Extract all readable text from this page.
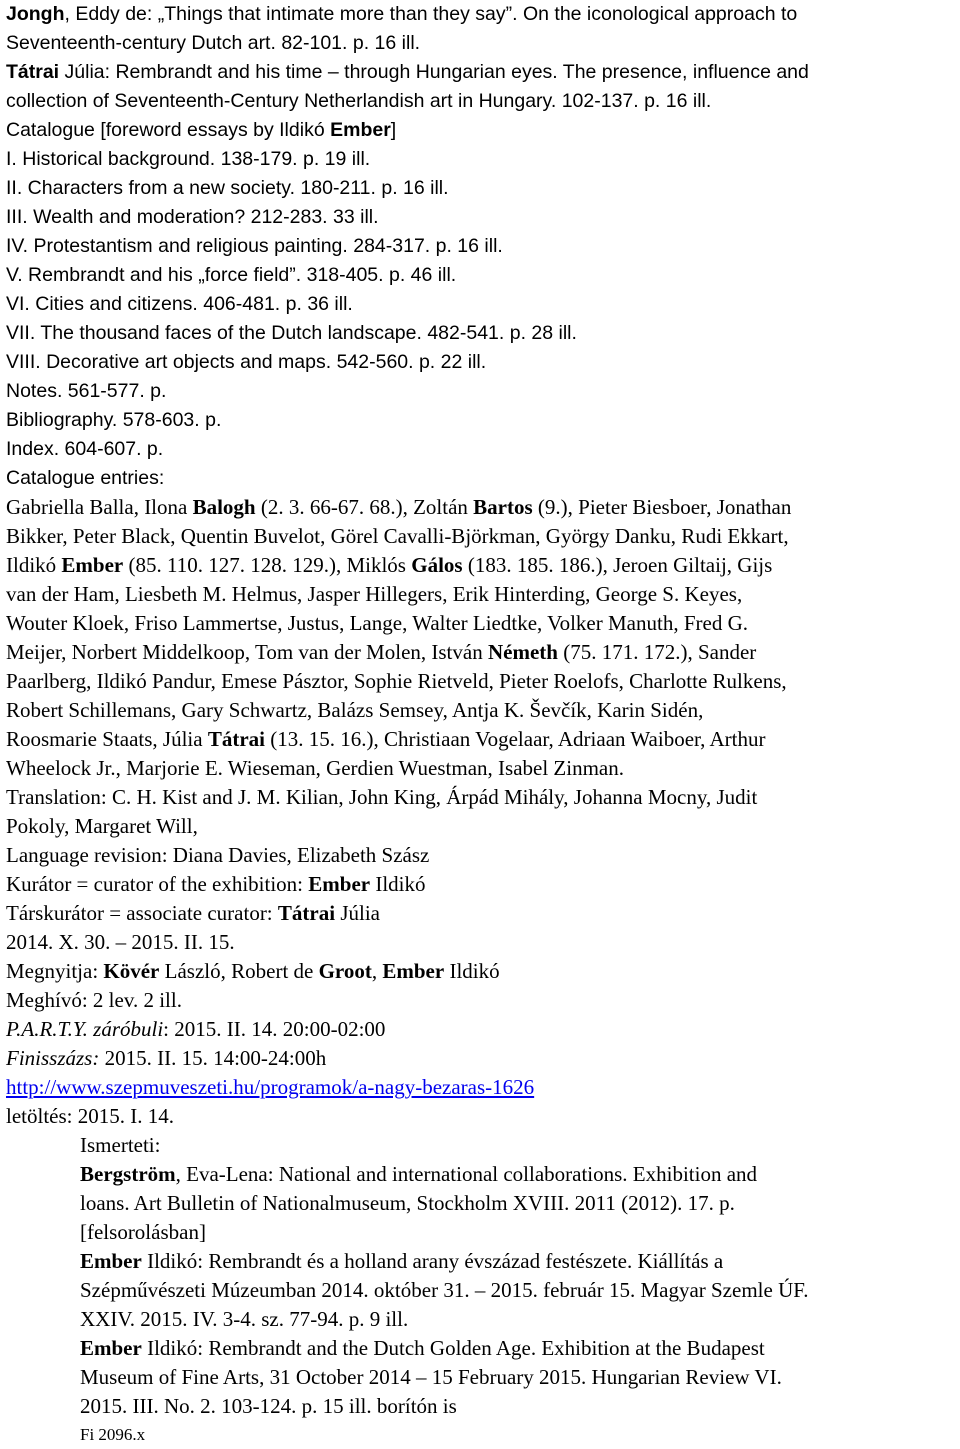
Jongh, Eddy de: „Things that intimate more than they say”. On the iconological approach to
Seventeenth-century Dutch art. 82-101. p. 16 ill.
Tátrai Júlia: Rembrandt and his time – through Hungarian eyes. The presence, influence and
collection of Seventeenth-Century Netherlandish art in Hungary. 102-137. p. 16 ill.
Catalogue [foreword essays by Ildikó Ember]
I. Historical background. 138-179. p. 19 ill.
II. Characters from a new society. 180-211. p. 16 ill.
III. Wealth and moderation? 212-283. 33 ill.
IV. Protestantism and religious painting. 284-317. p. 16 ill.
V. Rembrandt and his „force field”. 318-405. p. 46 ill.
VI. Cities and citizens. 406-481. p. 36 ill.
VII. The thousand faces of the Dutch landscape. 482-541. p. 28 ill.
VIII. Decorative art objects and maps. 542-560. p. 22 ill.
Notes. 561-577. p.
Bibliography. 578-603. p.
Index. 604-607. p.
Catalogue entries:
Gabriella Balla, Ilona Balogh (2. 3. 66-67. 68.), Zoltán Bartos (9.), Pieter Biesboer, Jonathan
Bikker, Peter Black, Quentin Buvelot, Görel Cavalli-Björkman, György Danku, Rudi Ekkart,
Ildikó Ember (85. 110. 127. 128. 129.), Miklós Gálos (183. 185. 186.), Jeroen Giltaij, Gijs
van der Ham, Liesbeth M. Helmus, Jasper Hillegers, Erik Hinterding, George S. Keyes,
Wouter Kloek, Friso Lammertse, Justus, Lange, Walter Liedtke, Volker Manuth, Fred G.
Meijer, Norbert Middelkoop, Tom van der Molen, István Németh (75. 171. 172.), Sander
Paarlberg, Ildikó Pandur, Emese Pásztor, Sophie Rietveld, Pieter Roelofs, Charlotte Rulkens,
Robert Schillemans, Gary Schwartz, Balázs Semsey, Antja K. Ševčík, Karin Sidén,
Roosmarie Staats, Júlia Tátrai (13. 15. 16.), Christiaan Vogelaar, Adriaan Waiboer, Arthur
Wheelock Jr., Marjorie E. Wieseman, Gerdien Wuestman, Isabel Zinman.
Translation: C. H. Kist and J. M. Kilian, John King, Árpád Mihály, Johanna Mocny, Judit
Pokoly, Margaret Will,
Language revision: Diana Davies, Elizabeth Szász
Kurátor = curator of the exhibition: Ember Ildikó
Társkurátor = associate curator: Tátrai Júlia
2014. X. 30. – 2015. II. 15.
Megnyitja: Kövér László, Robert de Groot, Ember Ildikó
Meghívó: 2 lev. 2 ill.
P.A.R.T.Y. záróbuli: 2015. II. 14. 20:00-02:00
Finisszázs: 2015. II. 15. 14:00-24:00h
http://www.szepmuveszeti.hu/programok/a-nagy-bezaras-1626
letöltés: 2015. I. 14.
Ismerteti:
Bergström, Eva-Lena: National and international collaborations. Exhibition and
loans. Art Bulletin of Nationalmuseum, Stockholm XVIII. 2011 (2012). 17. p.
[felsorolásban]
Ember Ildikó: Rembrandt és a holland arany évszázad festészete. Kiállítás a
Szépművészeti Múzeumban 2014. október 31. – 2015. február 15. Magyar Szemle ÚF.
XXIV. 2015. IV. 3-4. sz. 77-94. p. 9 ill.
Ember Ildikó: Rembrandt and the Dutch Golden Age. Exhibition at the Budapest
Museum of Fine Arts, 31 October 2014 – 15 February 2015. Hungarian Review VI.
2015. III. No. 2. 103-124. p. 15 ill. borítón is
Fi 2096.x
